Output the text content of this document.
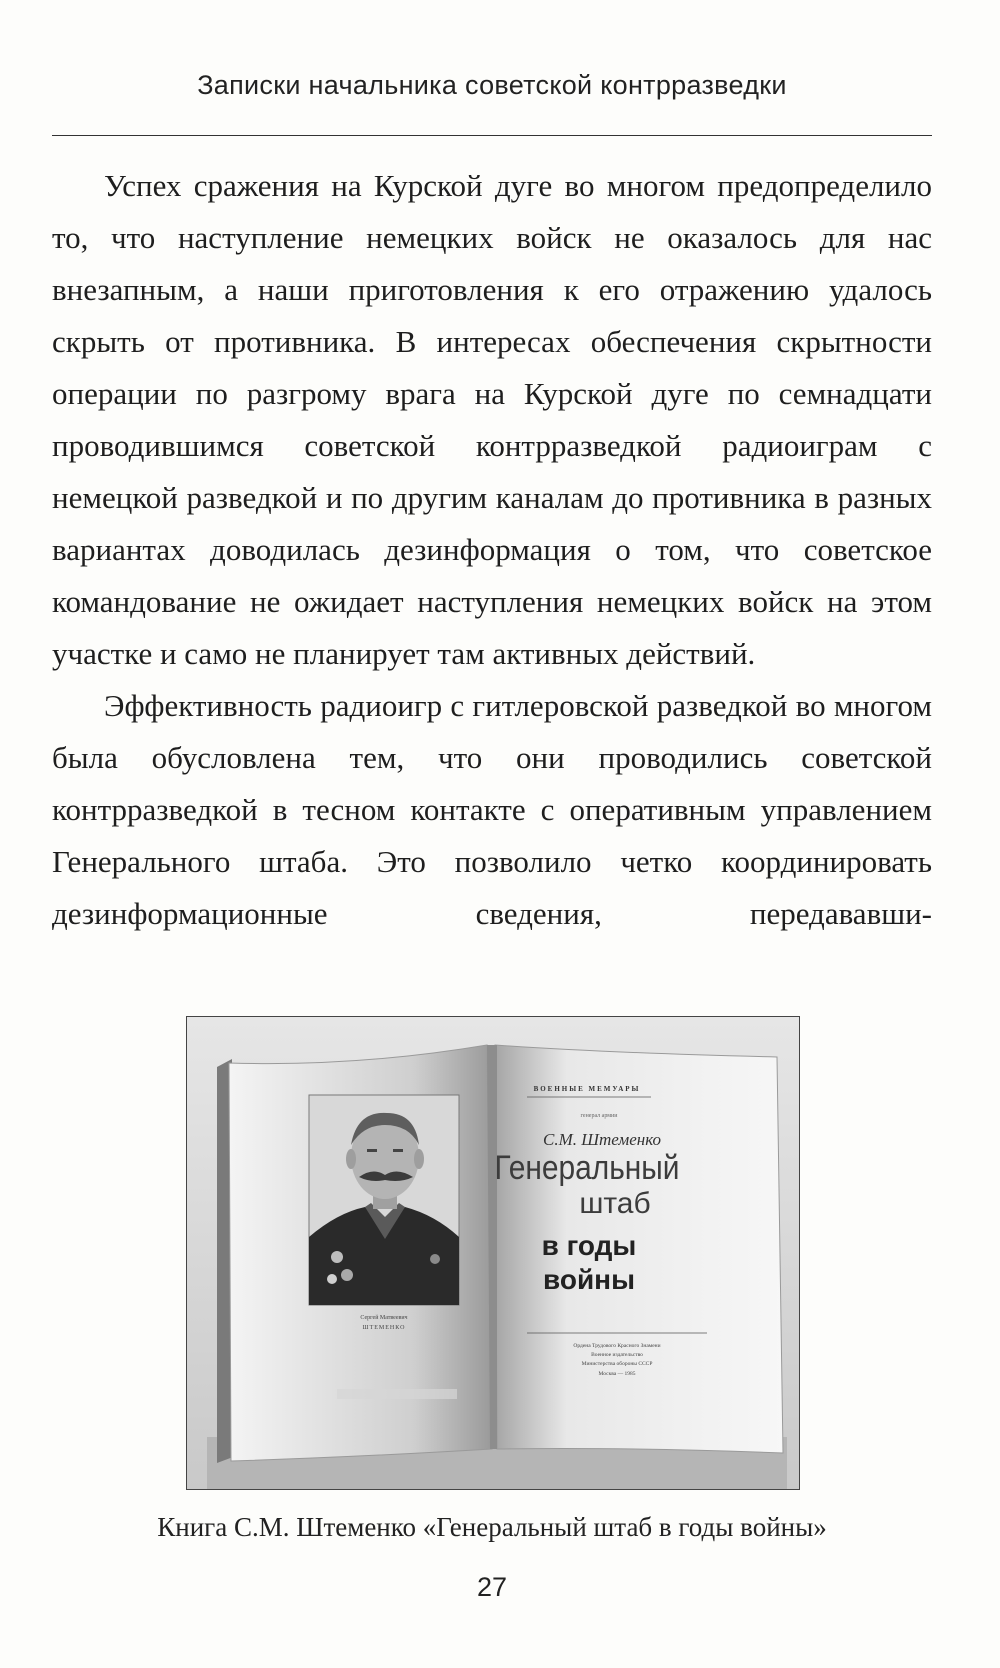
Записки начальника советской контрразведки

Успех сражения на Курской дуге во многом предопределило то, что наступление немецких войск не оказалось для нас внезапным, а наши приготовления к его отражению удалось скрыть от противника. В интересах обеспечения скрытности операции по разгрому врага на Курской дуге по семнадцати проводившимся советской контрразведкой радиоиграм с немецкой разведкой и по другим каналам до противника в разных вариантах доводилась дезинформация о том, что советское командование не ожидает наступления немецких войск на этом участке и само не планирует там активных действий.

Эффективность радиоигр с гитлеровской разведкой во многом была обусловлена тем, что они проводились советской контрразведкой в тесном контакте с оперативным управлением Генерального штаба. Это позволило четко координировать дезинформационные сведения, передававши-

Сергей Матвеевич
ШТЕМЕНКО
ВОЕННЫЕ МЕМУАРЫ
генерал армии
С.М. Штеменко
Генеральный
штаб
в годы
войны
Ордена Трудового Красного Знамени
Военное издательство
Министерства обороны СССР
Москва — 1985
Книга С.М. Штеменко «Генеральный штаб в годы войны»
27
